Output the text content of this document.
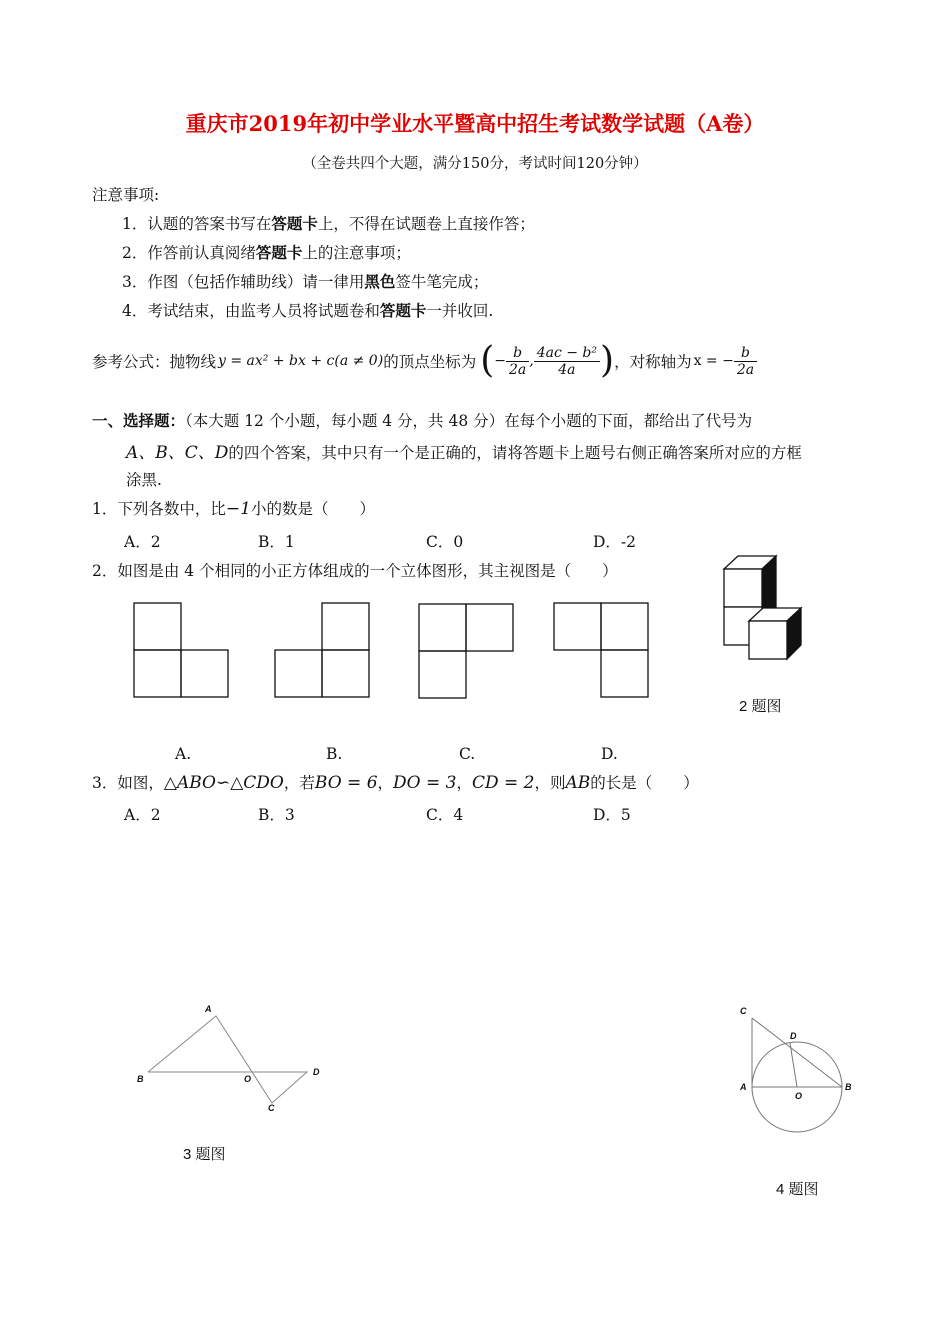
重庆市2019年初中学业水平暨高中招生考试数学试题（A卷）
（全卷共四个大题，满分150分，考试时间120分钟）
注意事项:
1．认题的答案书写在答题卡上，不得在试题卷上直接作答；
2．作答前认真阅绪答题卡上的注意事项；
3．作图（包括作辅助线）请一律用黑色签牛笔完成；
4．考试结束，由监考人员将试题卷和答题卡一并收回.
参考公式：抛物线 y = ax² + bx + c(a ≠ 0) 的顶点坐标为 ( − $\frac{b}{2a}$ , $\frac{\text{4ac − b²}}{4a}$ ) ，对称轴为 x = − $\frac{b}{2a}$
一、选择题：（本大题 12 个小题，每小题 4 分，共 48 分）在每个小题的下面，都给出了代号为
A、B、C、D的四个答案，其中只有一个是正确的，请将答题卡上题号右侧正确答案所对应的方框
涂黑.
1．下列各数中，比−1小的数是（　　）
A．2	B．1	C．0	D．-2
2．如图是由 4 个相同的小正方体组成的一个立体图形，其主视图是（　　）
A.	B.	C.	D.
2 题图
3．如图，△ABO∽△CDO，若BO = 6，DO = 3，CD = 2，则AB的长是（　　）
A．2	B．3	C．4	D．5
A
B	O
D
C
3 题图
C
D
A
O
B
4 题图
